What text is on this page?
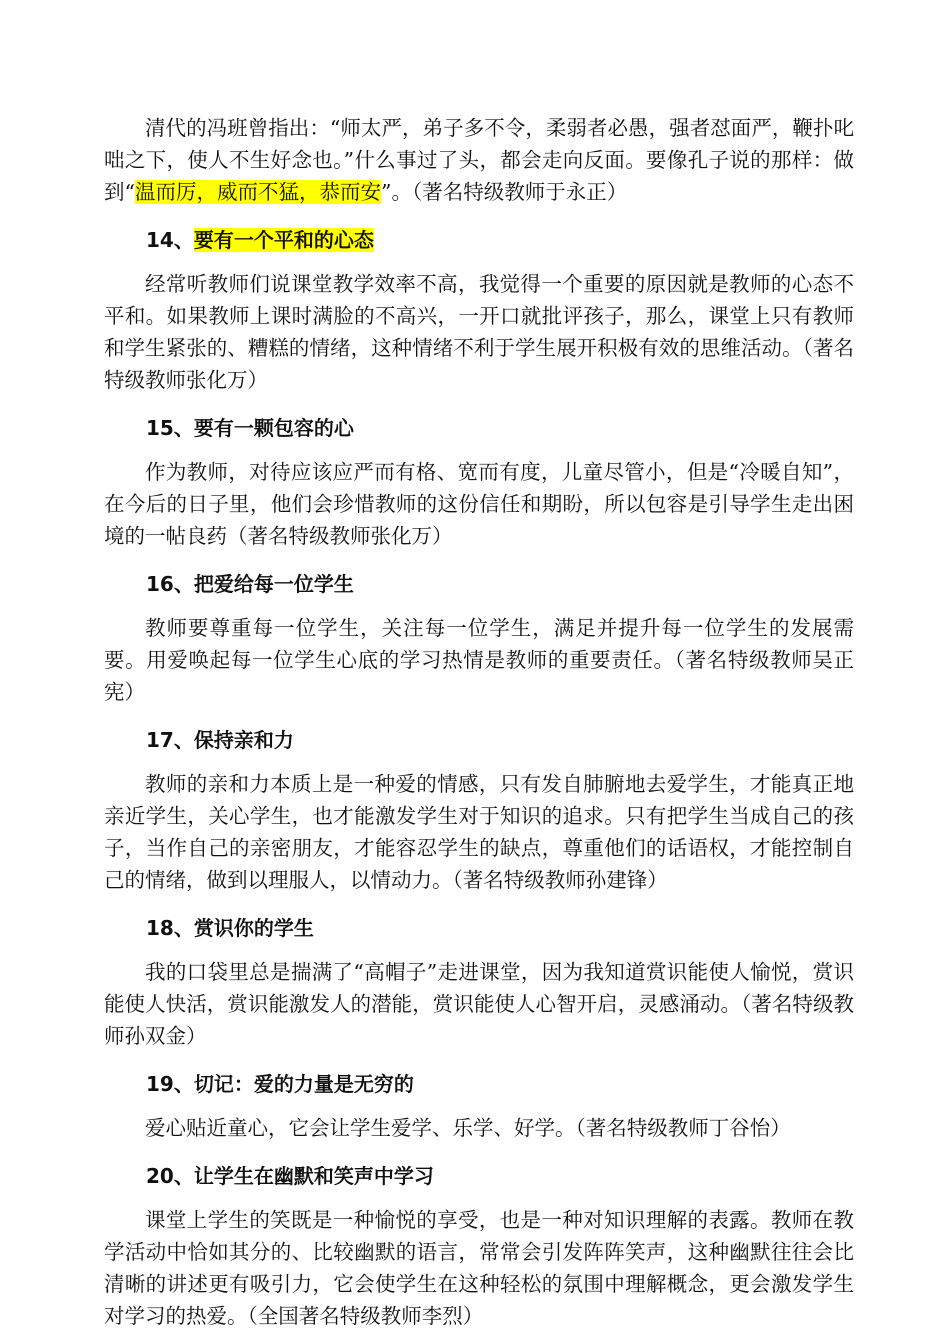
清代的冯班曾指出：“师太严，弟子多不令，柔弱者必愚，强者怼面严，鞭扑叱咄之下，使人不生好念也。”什么事过了头，都会走向反面。要像孔子说的那样：做到“温而厉，威而不猛，恭而安”。（著名特级教师于永正）

14、要有一个平和的心态

经常听教师们说课堂教学效率不高，我觉得一个重要的原因就是教师的心态不平和。如果教师上课时满脸的不高兴，一开口就批评孩子，那么，课堂上只有教师和学生紧张的、糟糕的情绪，这种情绪不利于学生展开积极有效的思维活动。（著名特级教师张化万）

15、要有一颗包容的心

作为教师，对待应该应严而有格、宽而有度，儿童尽管小，但是“冷暖自知”，在今后的日子里，他们会珍惜教师的这份信任和期盼，所以包容是引导学生走出困境的一帖良药（著名特级教师张化万）

16、把爱给每一位学生

教师要尊重每一位学生，关注每一位学生，满足并提升每一位学生的发展需要。用爱唤起每一位学生心底的学习热情是教师的重要责任。（著名特级教师吴正宪）

17、保持亲和力

教师的亲和力本质上是一种爱的情感，只有发自肺腑地去爱学生，才能真正地亲近学生，关心学生，也才能激发学生对于知识的追求。只有把学生当成自己的孩子，当作自己的亲密朋友，才能容忍学生的缺点，尊重他们的话语权，才能控制自己的情绪，做到以理服人，以情动力。（著名特级教师孙建锋）

18、赏识你的学生

我的口袋里总是揣满了“高帽子”走进课堂，因为我知道赏识能使人愉悦，赏识能使人快活，赏识能激发人的潜能，赏识能使人心智开启，灵感涌动。（著名特级教师孙双金）

19、切记：爱的力量是无穷的

爱心贴近童心，它会让学生爱学、乐学、好学。（著名特级教师丁谷怡）

20、让学生在幽默和笑声中学习

课堂上学生的笑既是一种愉悦的享受，也是一种对知识理解的表露。教师在教学活动中恰如其分的、比较幽默的语言，常常会引发阵阵笑声，这种幽默往往会比清晰的讲述更有吸引力，它会使学生在这种轻松的氛围中理解概念，更会激发学生对学习的热爱。（全国著名特级教师李烈）
